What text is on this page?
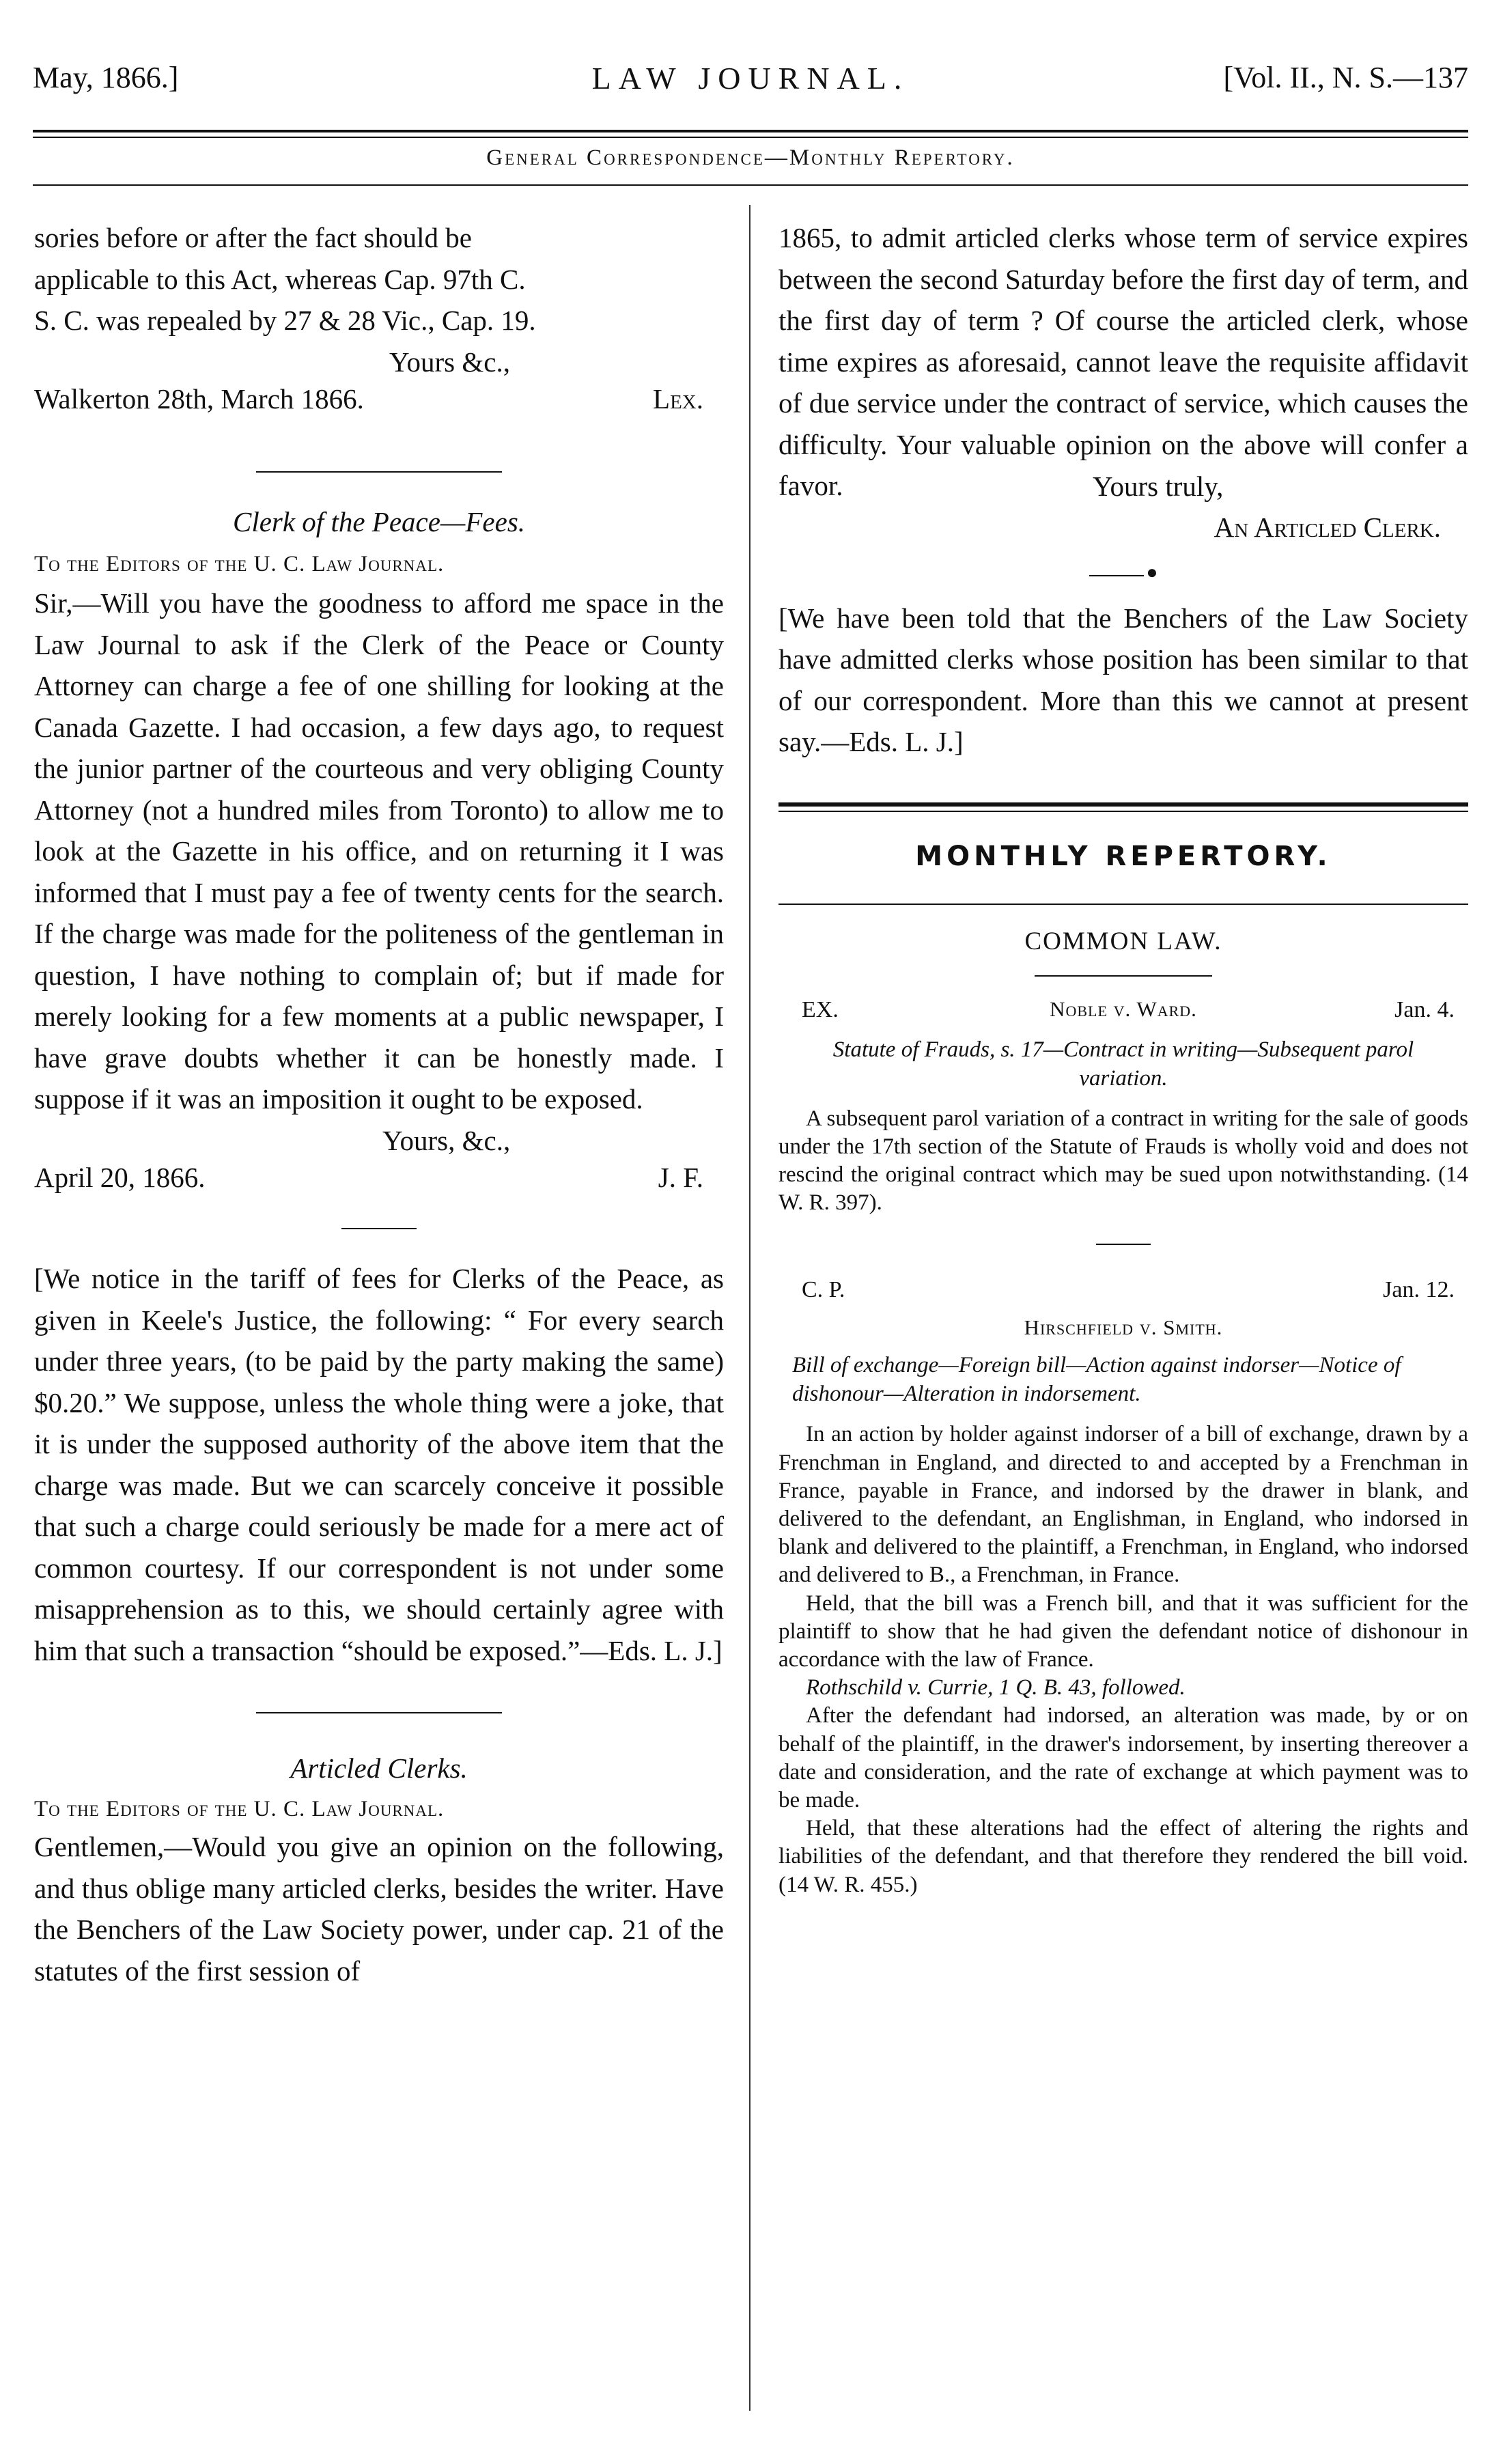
May, 1866.]	LAW JOURNAL.	[Vol. II., N. S.—137
General Correspondence—Monthly Repertory.

sories before or after the fact should be

applicable to this Act, whereas Cap. 97th C.

S. C. was repealed by 27 & 28 Vic., Cap. 19.

Yours &c.,

Walkerton 28th, March 1866.	Lex.

Clerk of the Peace—Fees.

To the Editors of the U. C. Law Journal.

Sir,—Will you have the goodness to afford me space in the Law Journal to ask if the Clerk of the Peace or County Attorney can charge a fee of one shilling for looking at the Canada Gazette. I had occasion, a few days ago, to request the junior partner of the courteous and very obliging County Attorney (not a hundred miles from Toronto) to allow me to look at the Gazette in his office, and on returning it I was informed that I must pay a fee of twenty cents for the search. If the charge was made for the politeness of the gentleman in question, I have nothing to complain of; but if made for merely looking for a few moments at a public newspaper, I have grave doubts whether it can be honestly made. I suppose if it was an imposition it ought to be exposed.

Yours, &c.,

April 20, 1866.	J. F.

[We notice in the tariff of fees for Clerks of the Peace, as given in Keele's Justice, the following: “ For every search under three years, (to be paid by the party making the same) $0.20.” We suppose, unless the whole thing were a joke, that it is under the supposed authority of the above item that the charge was made. But we can scarcely conceive it possible that such a charge could seriously be made for a mere act of common courtesy. If our correspondent is not under some misapprehension as to this, we should certainly agree with him that such a transaction “should be exposed.”—Eds. L. J.]

Articled Clerks.

To the Editors of the U. C. Law Journal.

Gentlemen,—Would you give an opinion on the following, and thus oblige many articled clerks, besides the writer. Have the Benchers of the Law Society power, under cap. 21 of the statutes of the first session of

1865, to admit articled clerks whose term of service expires between the second Saturday before the first day of term, and the first day of term ? Of course the articled clerk, whose time expires as aforesaid, cannot leave the requisite affidavit of due service under the contract of service, which causes the difficulty. Your valuable opinion on the above will confer a favor.	Yours truly,

An Articled Clerk.

●

[We have been told that the Benchers of the Law Society have admitted clerks whose position has been similar to that of our correspondent. More than this we cannot at present say.—Eds. L. J.]

MONTHLY REPERTORY.

COMMON LAW.

EX.	Noble v. Ward.	Jan. 4.

Statute of Frauds, s. 17—Contract in writing—Subsequent parol variation.

A subsequent parol variation of a contract in writing for the sale of goods under the 17th section of the Statute of Frauds is wholly void and does not rescind the original contract which may be sued upon notwithstanding. (14 W. R. 397).

C. P.	Jan. 12.

Hirschfield v. Smith.

Bill of exchange—Foreign bill—Action against indorser—Notice of dishonour—Alteration in indorsement.

In an action by holder against indorser of a bill of exchange, drawn by a Frenchman in England, and directed to and accepted by a Frenchman in France, payable in France, and indorsed by the drawer in blank, and delivered to the defendant, an Englishman, in England, who indorsed in blank and delivered to the plaintiff, a Frenchman, in England, who indorsed and delivered to B., a Frenchman, in France.

Held, that the bill was a French bill, and that it was sufficient for the plaintiff to show that he had given the defendant notice of dishonour in accordance with the law of France.

Rothschild v. Currie, 1 Q. B. 43, followed.

After the defendant had indorsed, an alteration was made, by or on behalf of the plaintiff, in the drawer's indorsement, by inserting thereover a date and consideration, and the rate of exchange at which payment was to be made.

Held, that these alterations had the effect of altering the rights and liabilities of the defendant, and that therefore they rendered the bill void. (14 W. R. 455.)
